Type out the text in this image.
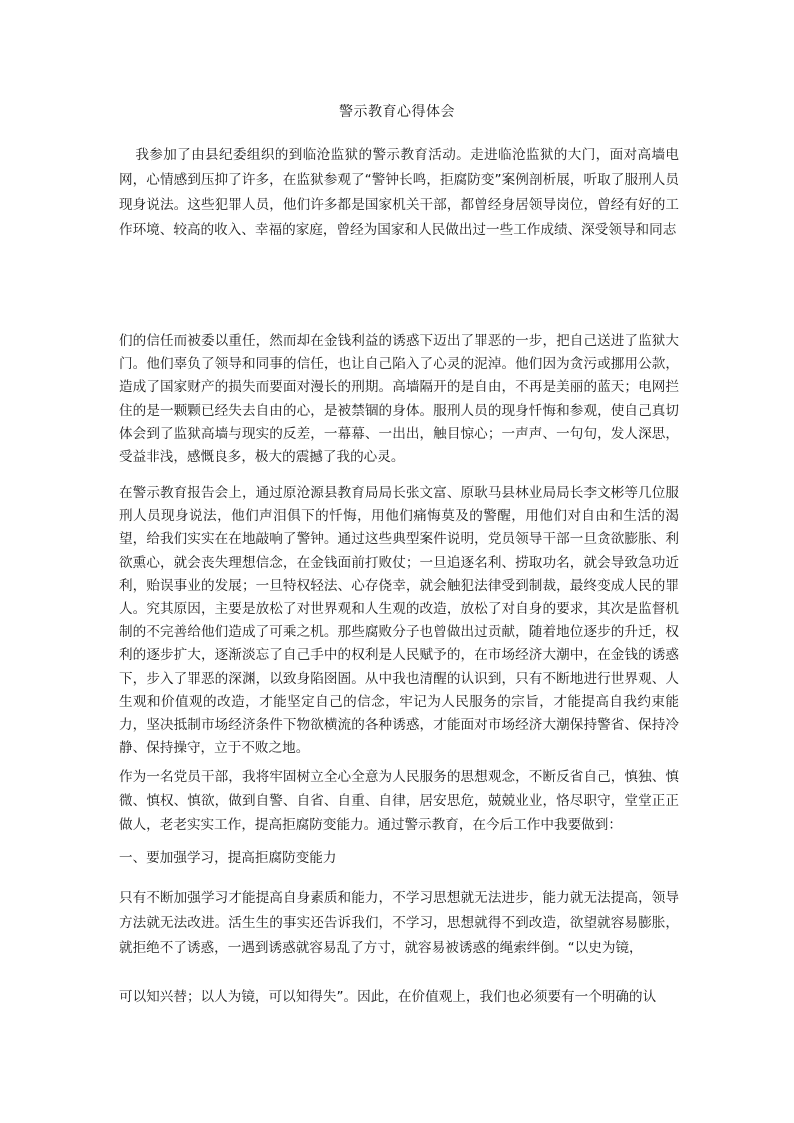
警示教育心得体会

我参加了由县纪委组织的到临沧监狱的警示教育活动。走进临沧监狱的大门，面对高墙电网，心情感到压抑了许多，在监狱参观了“警钟长鸣，拒腐防变”案例剖析展，听取了服刑人员现身说法。这些犯罪人员，他们许多都是国家机关干部，都曾经身居领导岗位，曾经有好的工作环境、较高的收入、幸福的家庭，曾经为国家和人民做出过一些工作成绩、深受领导和同志

们的信任而被委以重任，然而却在金钱利益的诱惑下迈出了罪恶的一步，把自己送进了监狱大门。他们辜负了领导和同事的信任，也让自己陷入了心灵的泥淖。他们因为贪污或挪用公款，造成了国家财产的损失而要面对漫长的刑期。高墙隔开的是自由，不再是美丽的蓝天；电网拦住的是一颗颗已经失去自由的心，是被禁锢的身体。服刑人员的现身忏悔和参观，使自己真切体会到了监狱高墙与现实的反差，一幕幕、一出出，触目惊心；一声声、一句句，发人深思，受益非浅，感慨良多，极大的震撼了我的心灵。

在警示教育报告会上，通过原沧源县教育局局长张文富、原耿马县林业局局长李文彬等几位服刑人员现身说法，他们声泪俱下的忏悔，用他们痛悔莫及的警醒，用他们对自由和生活的渴望，给我们实实在在地敲响了警钟。通过这些典型案件说明，党员领导干部一旦贪欲膨胀、利欲熏心，就会丧失理想信念，在金钱面前打败仗；一旦追逐名利、捞取功名，就会导致急功近利，贻误事业的发展；一旦特权轻法、心存侥幸，就会触犯法律受到制裁，最终变成人民的罪人。究其原因，主要是放松了对世界观和人生观的改造，放松了对自身的要求，其次是监督机制的不完善给他们造成了可乘之机。那些腐败分子也曾做出过贡献，随着地位逐步的升迁，权利的逐步扩大，逐渐淡忘了自己手中的权利是人民赋予的，在市场经济大潮中，在金钱的诱惑下，步入了罪恶的深渊，以致身陷囹圄。从中我也清醒的认识到，只有不断地进行世界观、人生观和价值观的改造，才能坚定自己的信念，牢记为人民服务的宗旨，才能提高自我约束能力，坚决抵制市场经济条件下物欲横流的各种诱惑，才能面对市场经济大潮保持警省、保持冷静、保持操守，立于不败之地。

作为一名党员干部，我将牢固树立全心全意为人民服务的思想观念，不断反省自己，慎独、慎微、慎权、慎欲，做到自警、自省、自重、自律，居安思危，兢兢业业，恪尽职守，堂堂正正做人，老老实实工作，提高拒腐防变能力。通过警示教育，在今后工作中我要做到：

一、要加强学习，提高拒腐防变能力

只有不断加强学习才能提高自身素质和能力，不学习思想就无法进步，能力就无法提高，领导方法就无法改进。活生生的事实还告诉我们，不学习，思想就得不到改造，欲望就容易膨胀，就拒绝不了诱惑，一遇到诱惑就容易乱了方寸，就容易被诱惑的绳索绊倒。“以史为镜，

可以知兴替；以人为镜，可以知得失”。因此，在价值观上，我们也必须要有一个明确的认
